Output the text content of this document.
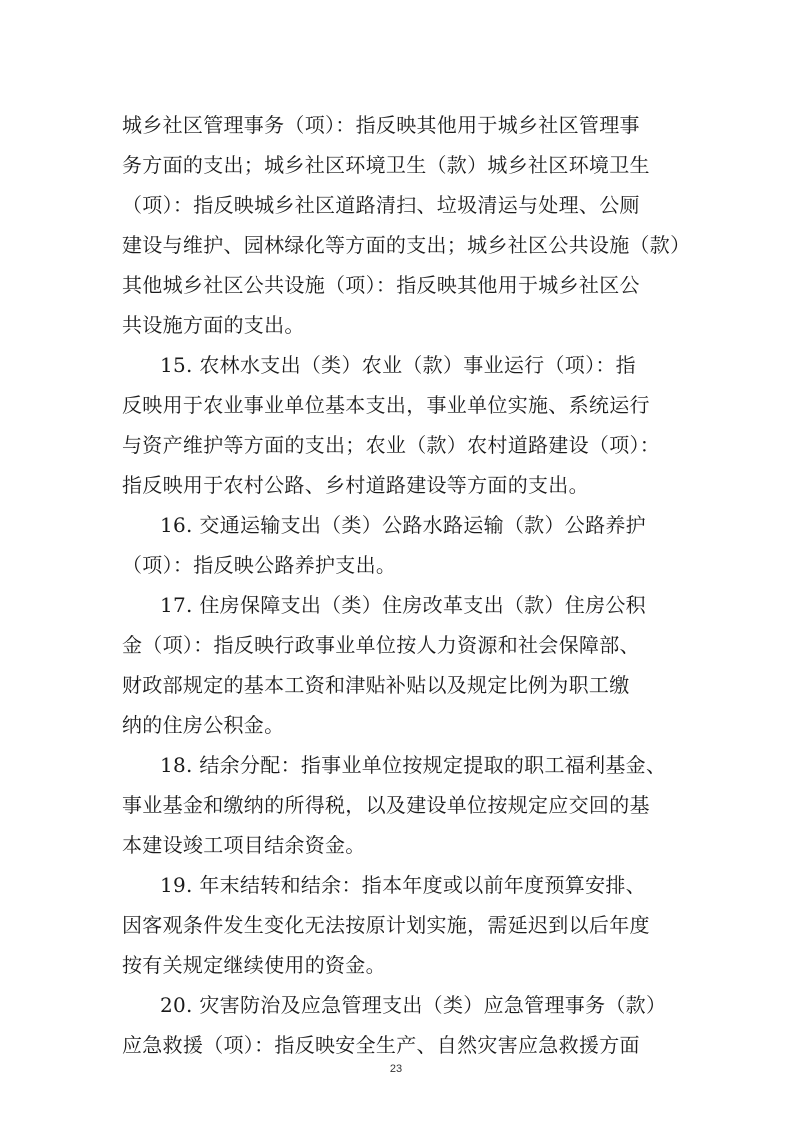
城乡社区管理事务（项）：指反映其他用于城乡社区管理事
务方面的支出；城乡社区环境卫生（款）城乡社区环境卫生
（项）：指反映城乡社区道路清扫、垃圾清运与处理、公厕
建设与维护、园林绿化等方面的支出；城乡社区公共设施（款）
其他城乡社区公共设施（项）：指反映其他用于城乡社区公
共设施方面的支出。
15. 农林水支出（类）农业（款）事业运行（项）：指
反映用于农业事业单位基本支出，事业单位实施、系统运行
与资产维护等方面的支出；农业（款）农村道路建设（项）：
指反映用于农村公路、乡村道路建设等方面的支出。
16. 交通运输支出（类）公路水路运输（款）公路养护
（项）：指反映公路养护支出。
17. 住房保障支出（类）住房改革支出（款）住房公积
金（项）：指反映行政事业单位按人力资源和社会保障部、
财政部规定的基本工资和津贴补贴以及规定比例为职工缴
纳的住房公积金。
18. 结余分配：指事业单位按规定提取的职工福利基金、
事业基金和缴纳的所得税，以及建设单位按规定应交回的基
本建设竣工项目结余资金。
19. 年末结转和结余：指本年度或以前年度预算安排、
因客观条件发生变化无法按原计划实施，需延迟到以后年度
按有关规定继续使用的资金。
20. 灾害防治及应急管理支出（类）应急管理事务（款）
应急救援（项）：指反映安全生产、自然灾害应急救援方面
23
